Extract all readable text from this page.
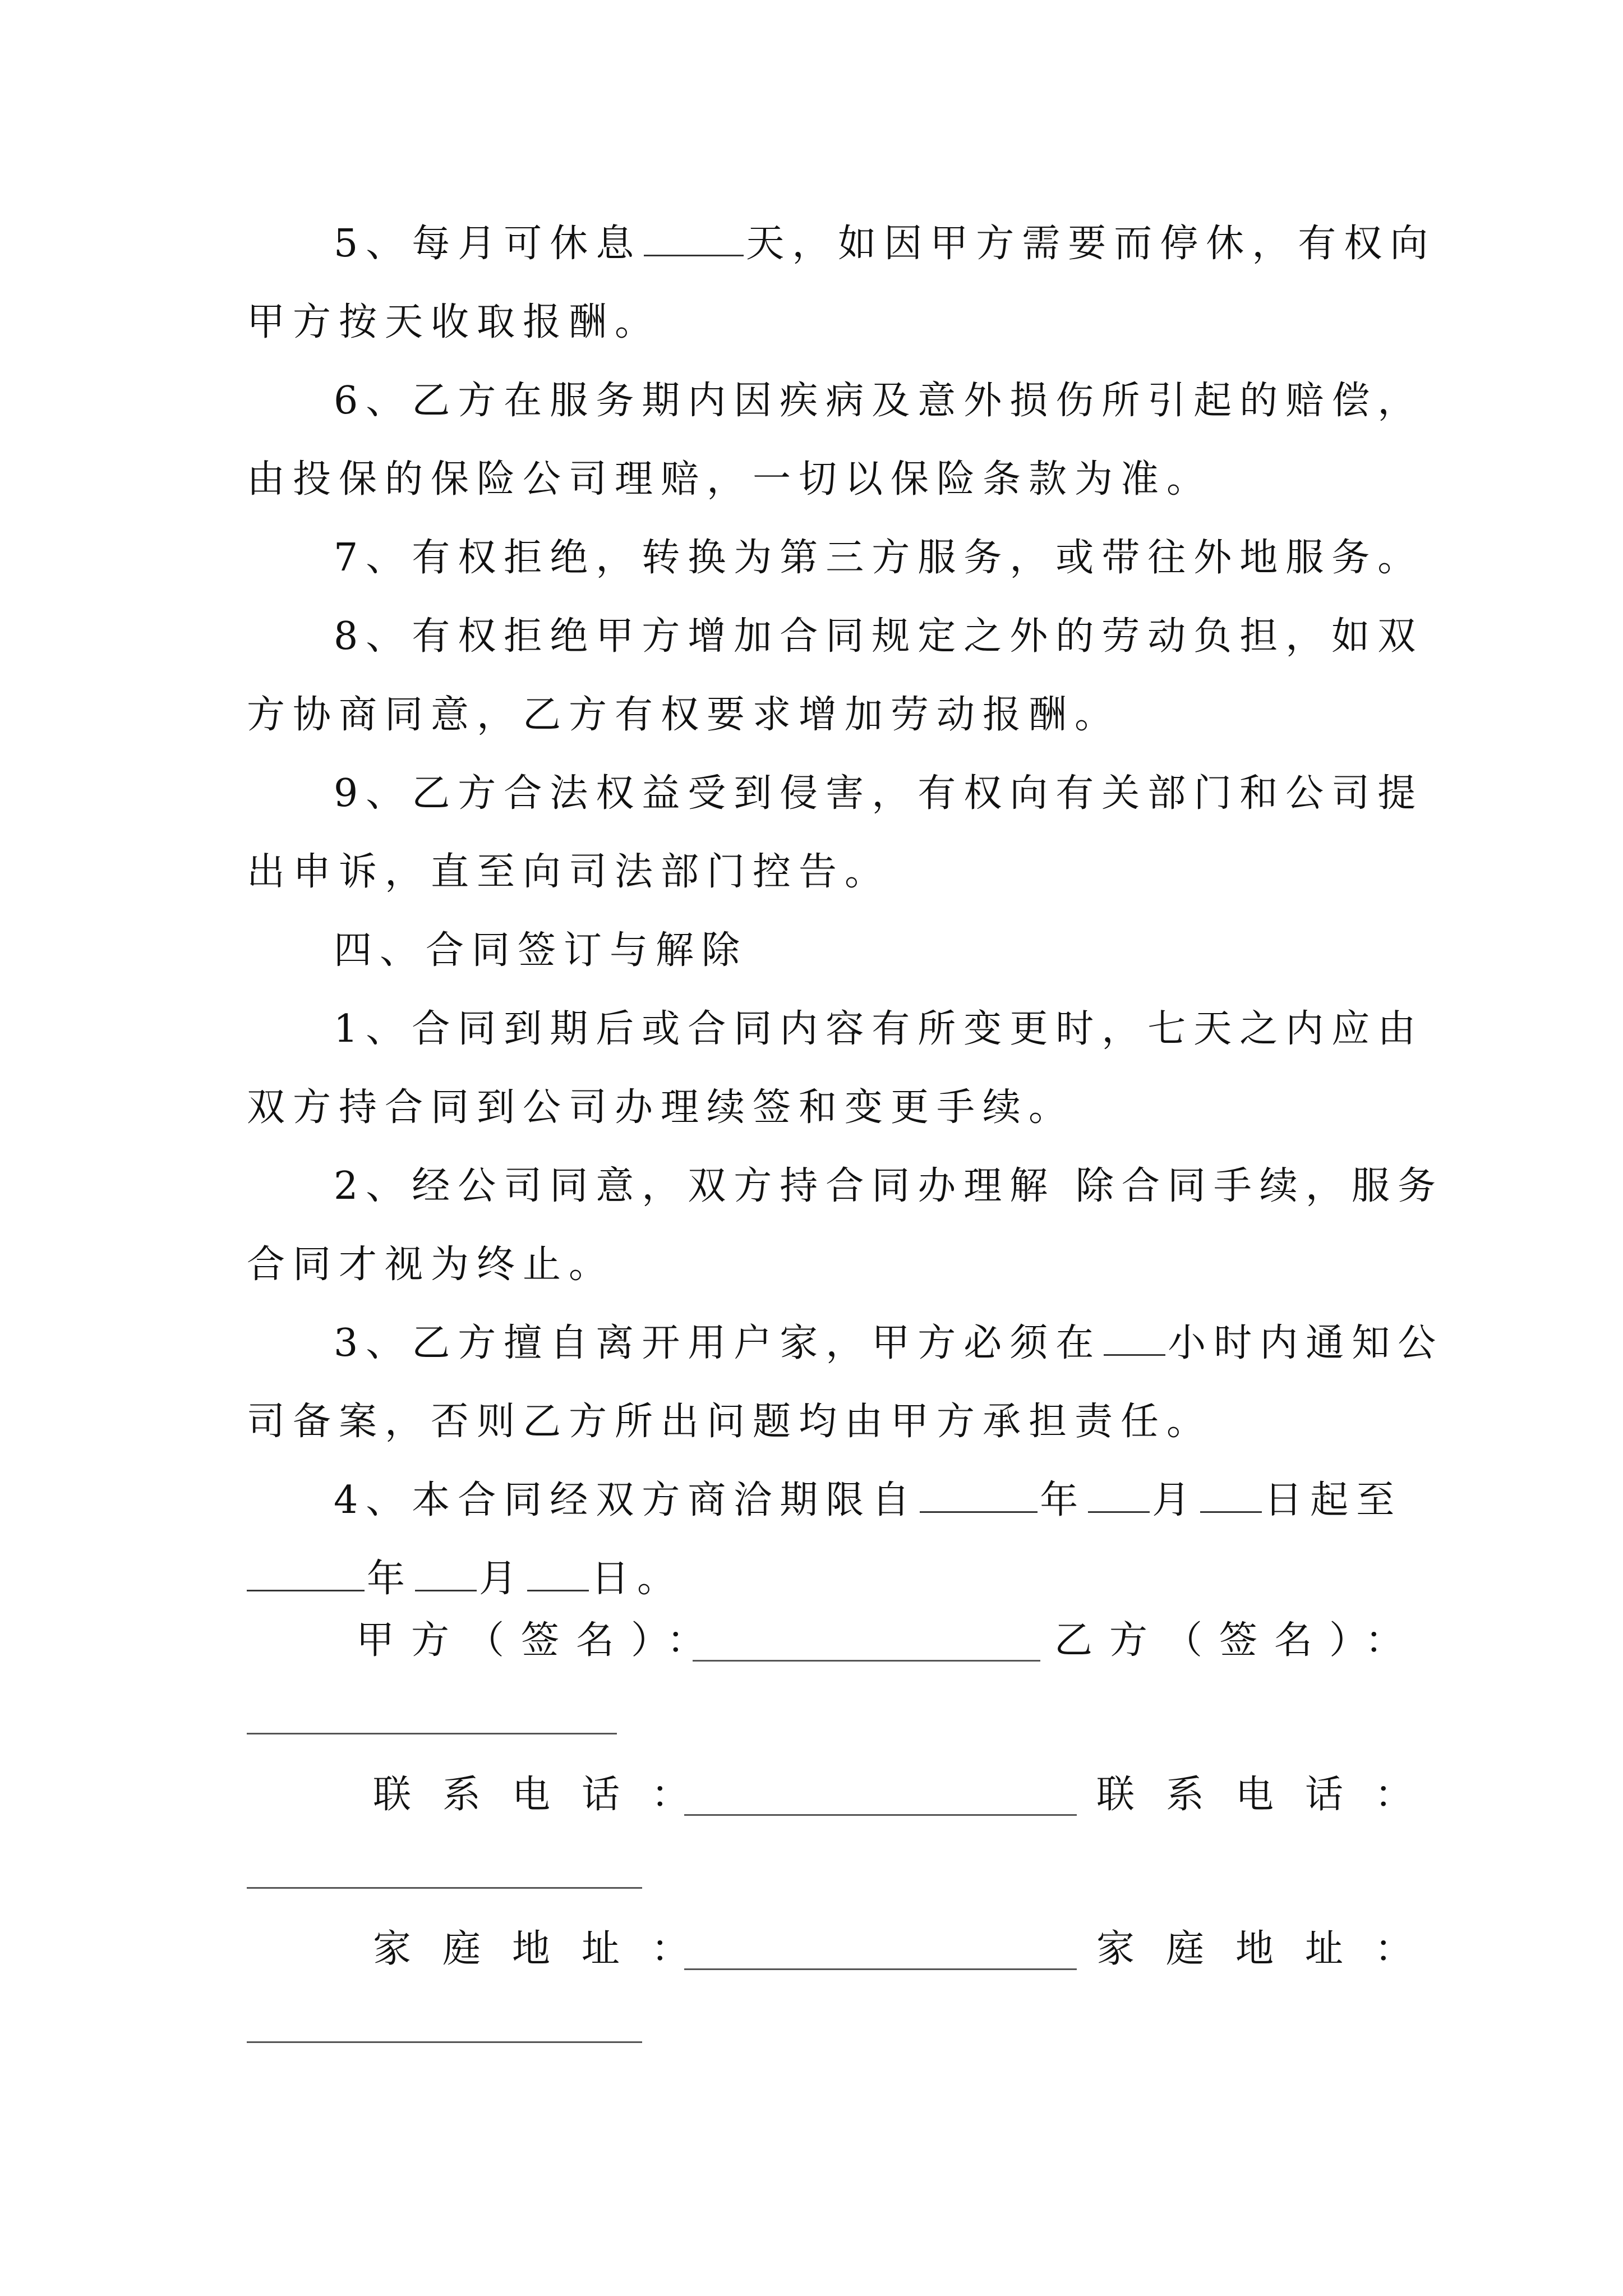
5、每月可休息	天，如因甲方需要而停休，有权向
甲方按天收取报酬。
6、乙方在服务期内因疾病及意外损伤所引起的赔偿，
由投保的保险公司理赔，一切以保险条款为准。
7、有权拒绝，转换为第三方服务，或带往外地服务。
8、有权拒绝甲方增加合同规定之外的劳动负担，如双
方协商同意，乙方有权要求增加劳动报酬。
9、乙方合法权益受到侵害，有权向有关部门和公司提
出申诉，直至向司法部门控告。
四、合同签订与解除
1、合同到期后或合同内容有所变更时，七天之内应由
双方持合同到公司办理续签和变更手续。
2、经公司同意，双方持合同办理解 除合同手续，服务
合同才视为终止。
3、乙方擅自离开用户家，甲方必须在 小时内通知公
司备案，否则乙方所出问题均由甲方承担责任。
4、本合同经双方商洽期限自	年 月 日起至
年 月 日。
甲方（签名）：	乙方（签名）：
联系电话：	联系电话：
家庭地址：	家庭地址：
